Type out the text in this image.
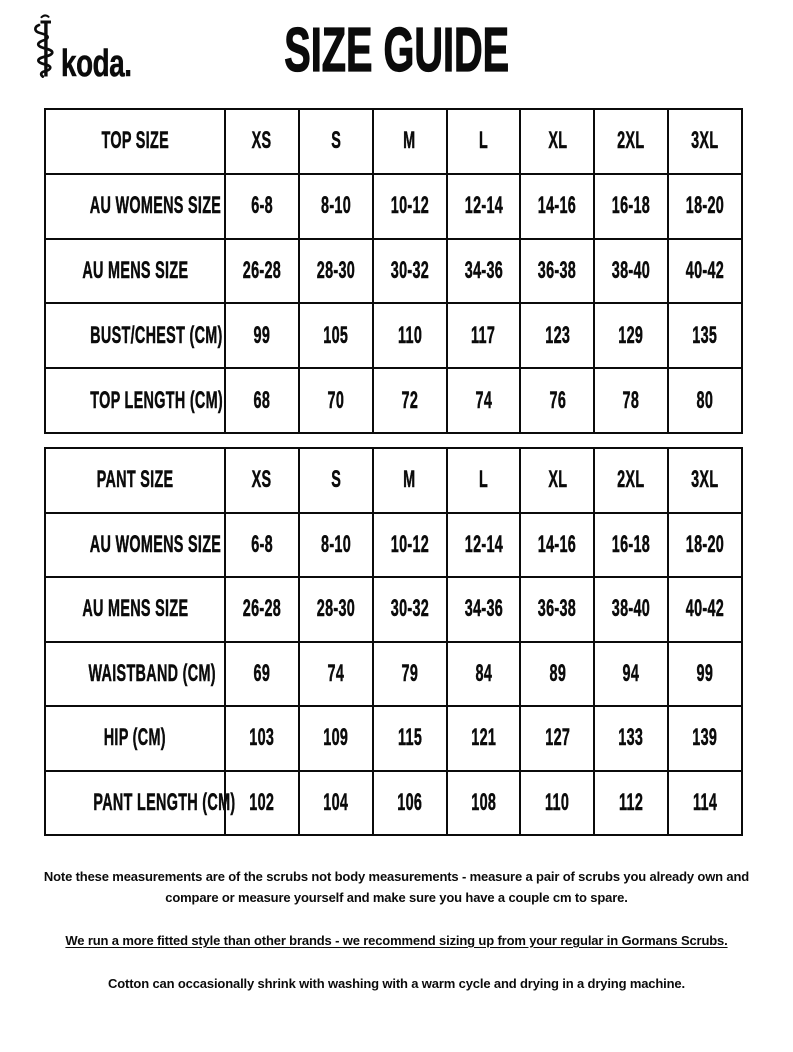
koda.	SIZE GUIDE
TOP SIZE	XS	S	M	L	XL	2XL	3XL
AU WOMENS SIZE	6-8	8-10	10-12	12-14	14-16	16-18	18-20
AU MENS SIZE	26-28	28-30	30-32	34-36	36-38	38-40	40-42
BUST/CHEST (CM)	99	105	110	117	123	129	135
TOP LENGTH (CM)	68	70	72	74	76	78	80
PANT SIZE	XS	S	M	L	XL	2XL	3XL
AU WOMENS SIZE	6-8	8-10	10-12	12-14	14-16	16-18	18-20
AU MENS SIZE	26-28	28-30	30-32	34-36	36-38	38-40	40-42
WAISTBAND (CM)	69	74	79	84	89	94	99
HIP (CM)	103	109	115	121	127	133	139
PANT LENGTH (CM)	102	104	106	108	110	112	114

Note these measurements are of the scrubs not body measurements - measure a pair of scrubs you already own and compare or measure yourself and make sure you have a couple cm to spare.

We run a more fitted style than other brands - we recommend sizing up from your regular in Gormans Scrubs.

Cotton can occasionally shrink with washing with a warm cycle and drying in a drying machine.
